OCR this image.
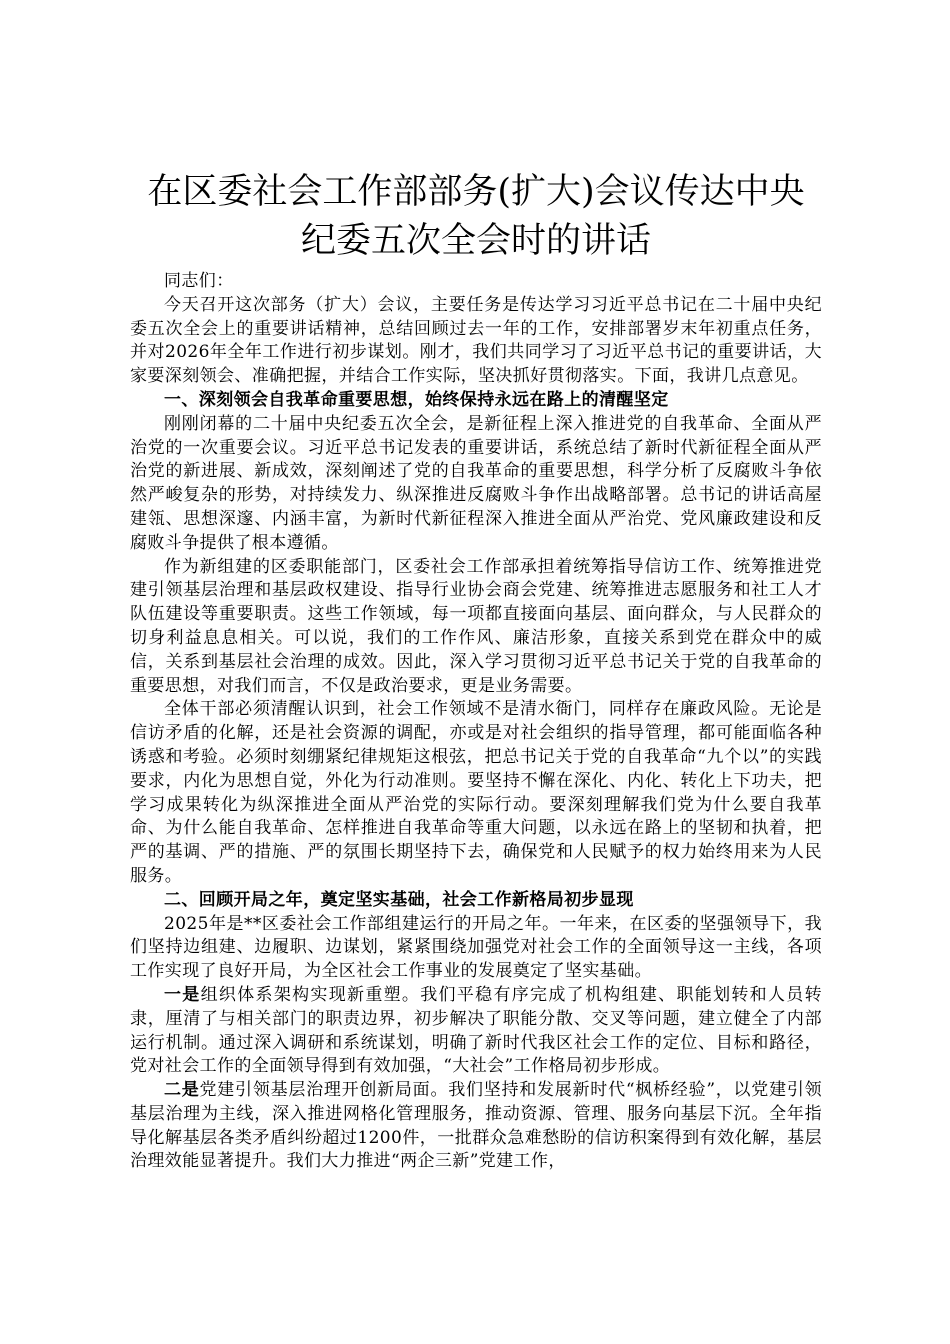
在区委社会工作部部务(扩大)会议传达中央纪委五次全会时的讲话

同志们：

今天召开这次部务（扩大）会议，主要任务是传达学习习近平总书记在二十届中央纪委五次全会上的重要讲话精神，总结回顾过去一年的工作，安排部署岁末年初重点任务，并对2026年全年工作进行初步谋划。刚才，我们共同学习了习近平总书记的重要讲话，大家要深刻领会、准确把握，并结合工作实际，坚决抓好贯彻落实。下面，我讲几点意见。

一、深刻领会自我革命重要思想，始终保持永远在路上的清醒坚定

刚刚闭幕的二十届中央纪委五次全会，是新征程上深入推进党的自我革命、全面从严治党的一次重要会议。习近平总书记发表的重要讲话，系统总结了新时代新征程全面从严治党的新进展、新成效，深刻阐述了党的自我革命的重要思想，科学分析了反腐败斗争依然严峻复杂的形势，对持续发力、纵深推进反腐败斗争作出战略部署。总书记的讲话高屋建瓴、思想深邃、内涵丰富，为新时代新征程深入推进全面从严治党、党风廉政建设和反腐败斗争提供了根本遵循。

作为新组建的区委职能部门，区委社会工作部承担着统筹指导信访工作、统筹推进党建引领基层治理和基层政权建设、指导行业协会商会党建、统筹推进志愿服务和社工人才队伍建设等重要职责。这些工作领域，每一项都直接面向基层、面向群众，与人民群众的切身利益息息相关。可以说，我们的工作作风、廉洁形象，直接关系到党在群众中的威信，关系到基层社会治理的成效。因此，深入学习贯彻习近平总书记关于党的自我革命的重要思想，对我们而言，不仅是政治要求，更是业务需要。

全体干部必须清醒认识到，社会工作领域不是清水衙门，同样存在廉政风险。无论是信访矛盾的化解，还是社会资源的调配，亦或是对社会组织的指导管理，都可能面临各种诱惑和考验。必须时刻绷紧纪律规矩这根弦，把总书记关于党的自我革命“九个以”的实践要求，内化为思想自觉，外化为行动准则。要坚持不懈在深化、内化、转化上下功夫，把学习成果转化为纵深推进全面从严治党的实际行动。要深刻理解我们党为什么要自我革命、为什么能自我革命、怎样推进自我革命等重大问题，以永远在路上的坚韧和执着，把严的基调、严的措施、严的氛围长期坚持下去，确保党和人民赋予的权力始终用来为人民服务。

二、回顾开局之年，奠定坚实基础，社会工作新格局初步显现

2025年是**区委社会工作部组建运行的开局之年。一年来，在区委的坚强领导下，我们坚持边组建、边履职、边谋划，紧紧围绕加强党对社会工作的全面领导这一主线，各项工作实现了良好开局，为全区社会工作事业的发展奠定了坚实基础。

一是组织体系架构实现新重塑。我们平稳有序完成了机构组建、职能划转和人员转隶，厘清了与相关部门的职责边界，初步解决了职能分散、交叉等问题，建立健全了内部运行机制。通过深入调研和系统谋划，明确了新时代我区社会工作的定位、目标和路径，党对社会工作的全面领导得到有效加强，“大社会”工作格局初步形成。

二是党建引领基层治理开创新局面。我们坚持和发展新时代“枫桥经验”，以党建引领基层治理为主线，深入推进网格化管理服务，推动资源、管理、服务向基层下沉。全年指导化解基层各类矛盾纠纷超过1200件，一批群众急难愁盼的信访积案得到有效化解，基层治理效能显著提升。我们大力推进“两企三新”党建工作，
